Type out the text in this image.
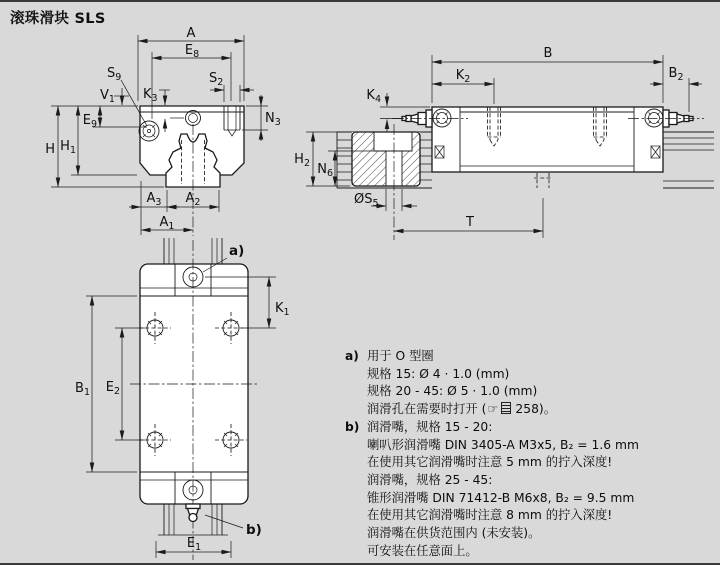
滚珠滑块 SLS
A
$E_8$
$S_9$
$V_1$ $K_3$
$S_2$
$N_3$
$E_9$
$H_1$
H
$A_3$ $A_2$
$A_1$
B
$K_2$	$B_2$
$K_4$
$H_2$ $N_6$
$ØS_5$
T
$B_1$ $E_2$
$K_1$
$E_1$
a)
b)
a) 用于 O 型圈
规格 15: Ø 4 · 1.0 (mm)
规格 20 - 45: Ø 5 · 1.0 (mm)
润滑孔在需要时打开 (☞ 258)。
b) 润滑嘴，规格 15 - 20:
喇叭形润滑嘴 DIN 3405-A M3x5, B₂ = 1.6 mm
在使用其它润滑嘴时注意 5 mm 的拧入深度!
润滑嘴，规格 25 - 45:
锥形润滑嘴 DIN 71412-B M6x8, B₂ = 9.5 mm
在使用其它润滑嘴时注意 8 mm 的拧入深度!
润滑嘴在供货范围内 (未安装)。
可安装在任意面上。
